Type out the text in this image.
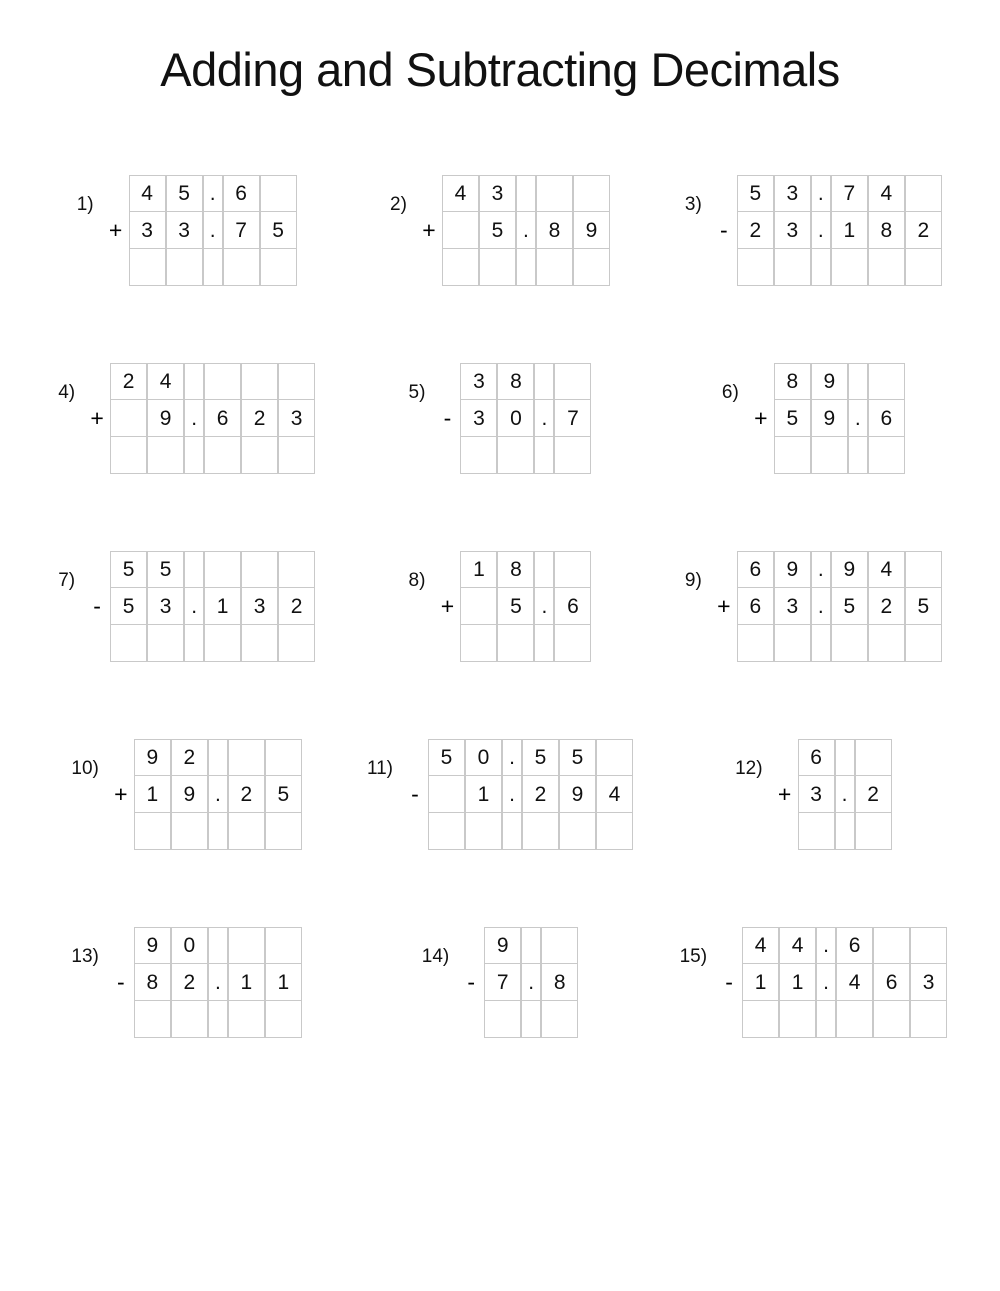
Adding and Subtracting Decimals
1)	4	5 . 6
+ 3	3 . 7	5
2)	4	3
+	5 . 8	9
3)	5	3 . 7	4
-	2	3 . 1	8	2
4)	2	4
+	9 . 6	2	3
5)	3	8
-	3	0 . 7
6)	8	9
+ 5	9 . 6
7)	5	5
-	5	3 . 1	3	2
8)	1	8
+	5 . 6
9)	6	9 . 9	4
+ 6	3 . 5	2	5
10)	9	2
+ 1	9 . 2	5
11)	5	0 . 5	5
-	1 . 2	9	4
12)	6
+ 3 . 2
13)	9	0
-	8	2 . 1	1
14)	9
-	7 . 8
15)	4	4 . 6
-	1	1 . 4	6	3
